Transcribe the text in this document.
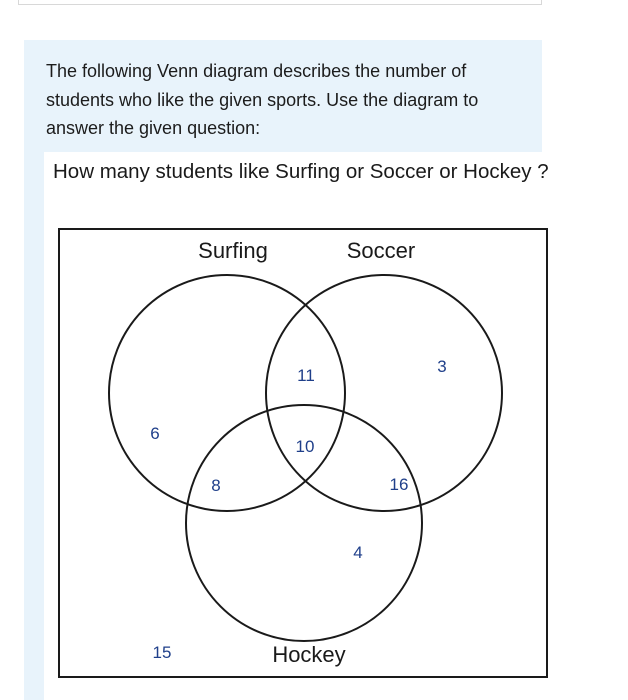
The following Venn diagram describes the number of students who like the given sports. Use the diagram to answer the given question:
How many students like Surfing or Soccer or Hockey ?
Surfing	Soccer
Hockey
6
3
4
11
8	16
10
15
